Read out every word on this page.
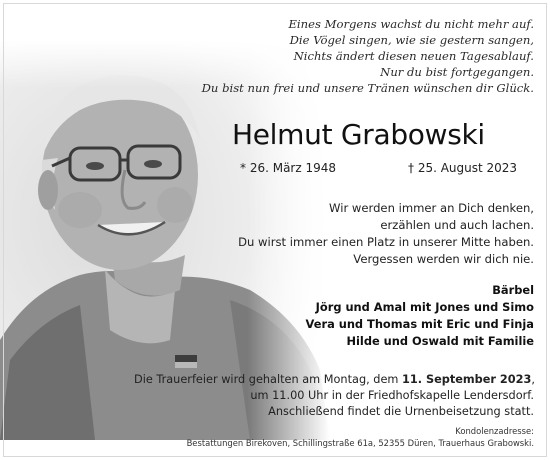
Eines Morgens wachst du nicht mehr auf.
Die Vögel singen, wie sie gestern sangen,
Nichts ändert diesen neuen Tagesablauf.
Nur du bist fortgegangen.
Du bist nun frei und unsere Tränen wünschen dir Glück.
Helmut Grabowski
* 26. März 1948	† 25. August 2023
Wir werden immer an Dich denken,
erzählen und auch lachen.
Du wirst immer einen Platz in unserer Mitte haben.
Vergessen werden wir dich nie.
Bärbel
Jörg und Amal mit Jones und Simo
Vera und Thomas mit Eric und Finja
Hilde und Oswald mit Familie
Die Trauerfeier wird gehalten am Montag, dem 11. September 2023,
um 11.00 Uhr in der Friedhofskapelle Lendersdorf.
Anschließend findet die Urnenbeisetzung statt.
Kondolenzadresse:
Bestattungen Birekoven, Schillingstraße 61a, 52355 Düren, Trauerhaus Grabowski.
